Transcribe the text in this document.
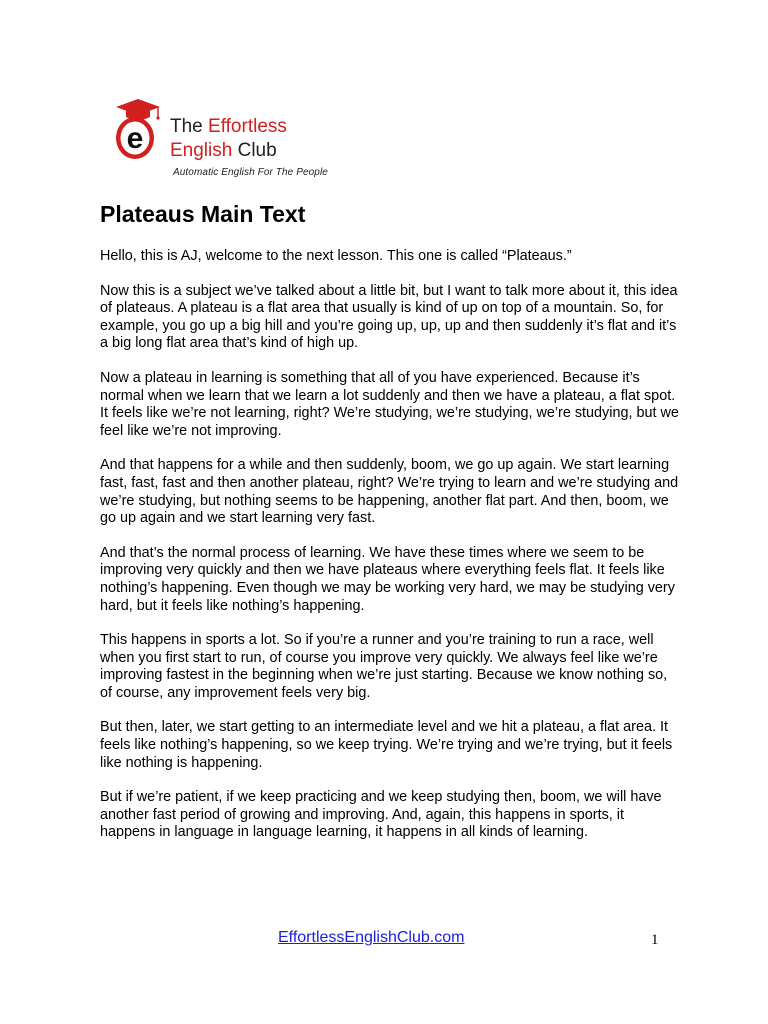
e The Effortless
English Club
Automatic English For The People
Plateaus Main Text

Hello, this is AJ, welcome to the next lesson. This one is called “Plateaus.”

Now this is a subject we’ve talked about a little bit, but I want to talk more about it, this idea of plateaus. A plateau is a flat area that usually is kind of up on top of a mountain. So, for example, you go up a big hill and you’re going up, up, up and then suddenly it’s flat and it’s a big long flat area that’s kind of high up.

Now a plateau in learning is something that all of you have experienced. Because it’s normal when we learn that we learn a lot suddenly and then we have a plateau, a flat spot. It feels like we’re not learning, right? We’re studying, we’re studying, we’re studying, but we feel like we’re not improving.

And that happens for a while and then suddenly, boom, we go up again. We start learning fast, fast, fast and then another plateau, right? We’re trying to learn and we’re studying and we’re studying, but nothing seems to be happening, another flat part. And then, boom, we go up again and we start learning very fast.

And that’s the normal process of learning. We have these times where we seem to be improving very quickly and then we have plateaus where everything feels flat. It feels like nothing’s happening. Even though we may be working very hard, we may be studying very hard, but it feels like nothing’s happening.

This happens in sports a lot. So if you’re a runner and you’re training to run a race, well when you first start to run, of course you improve very quickly. We always feel like we’re improving fastest in the beginning when we’re just starting. Because we know nothing so, of course, any improvement feels very big.

But then, later, we start getting to an intermediate level and we hit a plateau, a flat area. It feels like nothing’s happening, so we keep trying. We’re trying and we’re trying, but it feels like nothing is happening.

But if we’re patient, if we keep practicing and we keep studying then, boom, we will have another fast period of growing and improving. And, again, this happens in sports, it happens in language in language learning, it happens in all kinds of learning.

EffortlessEnglishClub.com	1
